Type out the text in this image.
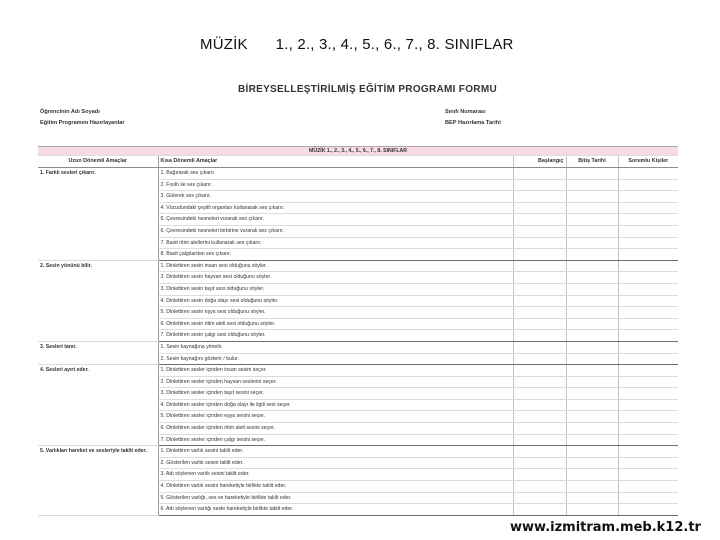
MÜZİK 1., 2., 3., 4., 5., 6., 7., 8. SINIFLAR
BİREYSELLEŞTİRİLMİŞ EĞİTİM PROGRAMI FORMU
Öğrencinin Adı Soyadı
Eğitim Programını Hazırlayanlar
Sınıfı Numarası
BEP Hazırlama Tarihi
MÜZİK 1., 2., 3., 4., 5., 6., 7., 8. SINIFLAR				
Uzun Dönemli Amaçlar	Kısa Dönemli Amaçlar	Başlangıç	Bitiş Tarihi	Sorumlu Kişiler
1. Farklı sesleri çıkarır.	1. Bağırarak ses çıkarır.			
	2. Fısıltı ile ses çıkarır.			
	3. Gülerek ses çıkarır.			
	4. Vücudundaki çeşitli organları kullanarak ses çıkarır.			
	5. Çevresindeki nesneleri vurarak ses çıkarır.			
	6. Çevresindeki nesneleri birbirine vurarak ses çıkarır.			
	7. Basit ritim aletlerini kullanarak ses çıkarır.			
	8. Basit çalgılardan ses çıkarır.			
2. Sesin yönünü bilir.	1. Dinlettiren sesin insan sesi olduğunu söyler.			
	2. Dinlettiren sesin hayvan sesi olduğunu söyler.			
	3. Dinlettiren sesin taşıt sesi olduğunu söyler.			
	4. Dinlettiren sesin doğa olayı sesi olduğunu söyler.			
	5. Dinlettiren sesin eşya sesi olduğunu söyler.			
	6. Dinlettiren sesin ritim aleti sesi olduğunu söyler.			
	7. Dinlettiren sesin çalgı sesi olduğunu söyler.			
3. Sesleri tanır.	1. Sesin kaynağına yönelir.			
	2. Sesin kaynağını gösterir / bulur.			
4. Sesleri ayırt eder.	1. Dinlettiren sesler içinden insan sesini seçer.			
	2. Dinlettiren sesler içinden hayvan seslerini seçer.			
	3. Dinlettiren sesler içinden taşıt sesini seçer.			
	4. Dinlettiren sesler içinden doğa olayı ile ilgili sesi seçer.			
	5. Dinlettiren sesler içinden eşya sesini seçer.			
	6. Dinlettiren sesler içinden ritim aleti sesini seçer.			
	7. Dinlettiren sesler içinden çalgı sesini seçer.			
5. Varlıkları hareket ve sesleriyle taklit eder.	1. Dinlettiren varlık sesini taklit eder.			
	2. Gösterilen varlık sesini taklit eder.			
	3. Adı söylenen varlık sesini taklit eder.			
	4. Dinlettiren varlık sesini hareketiyle birlikte taklit eder.			
	5. Gösterilen varlığı, ses ve hareketiyle birlikte taklit eder.			
	6. Adı söylenen varlığı sesle hareketiyle birlikte taklit eder.			
www.izmitram.meb.k12.tr
